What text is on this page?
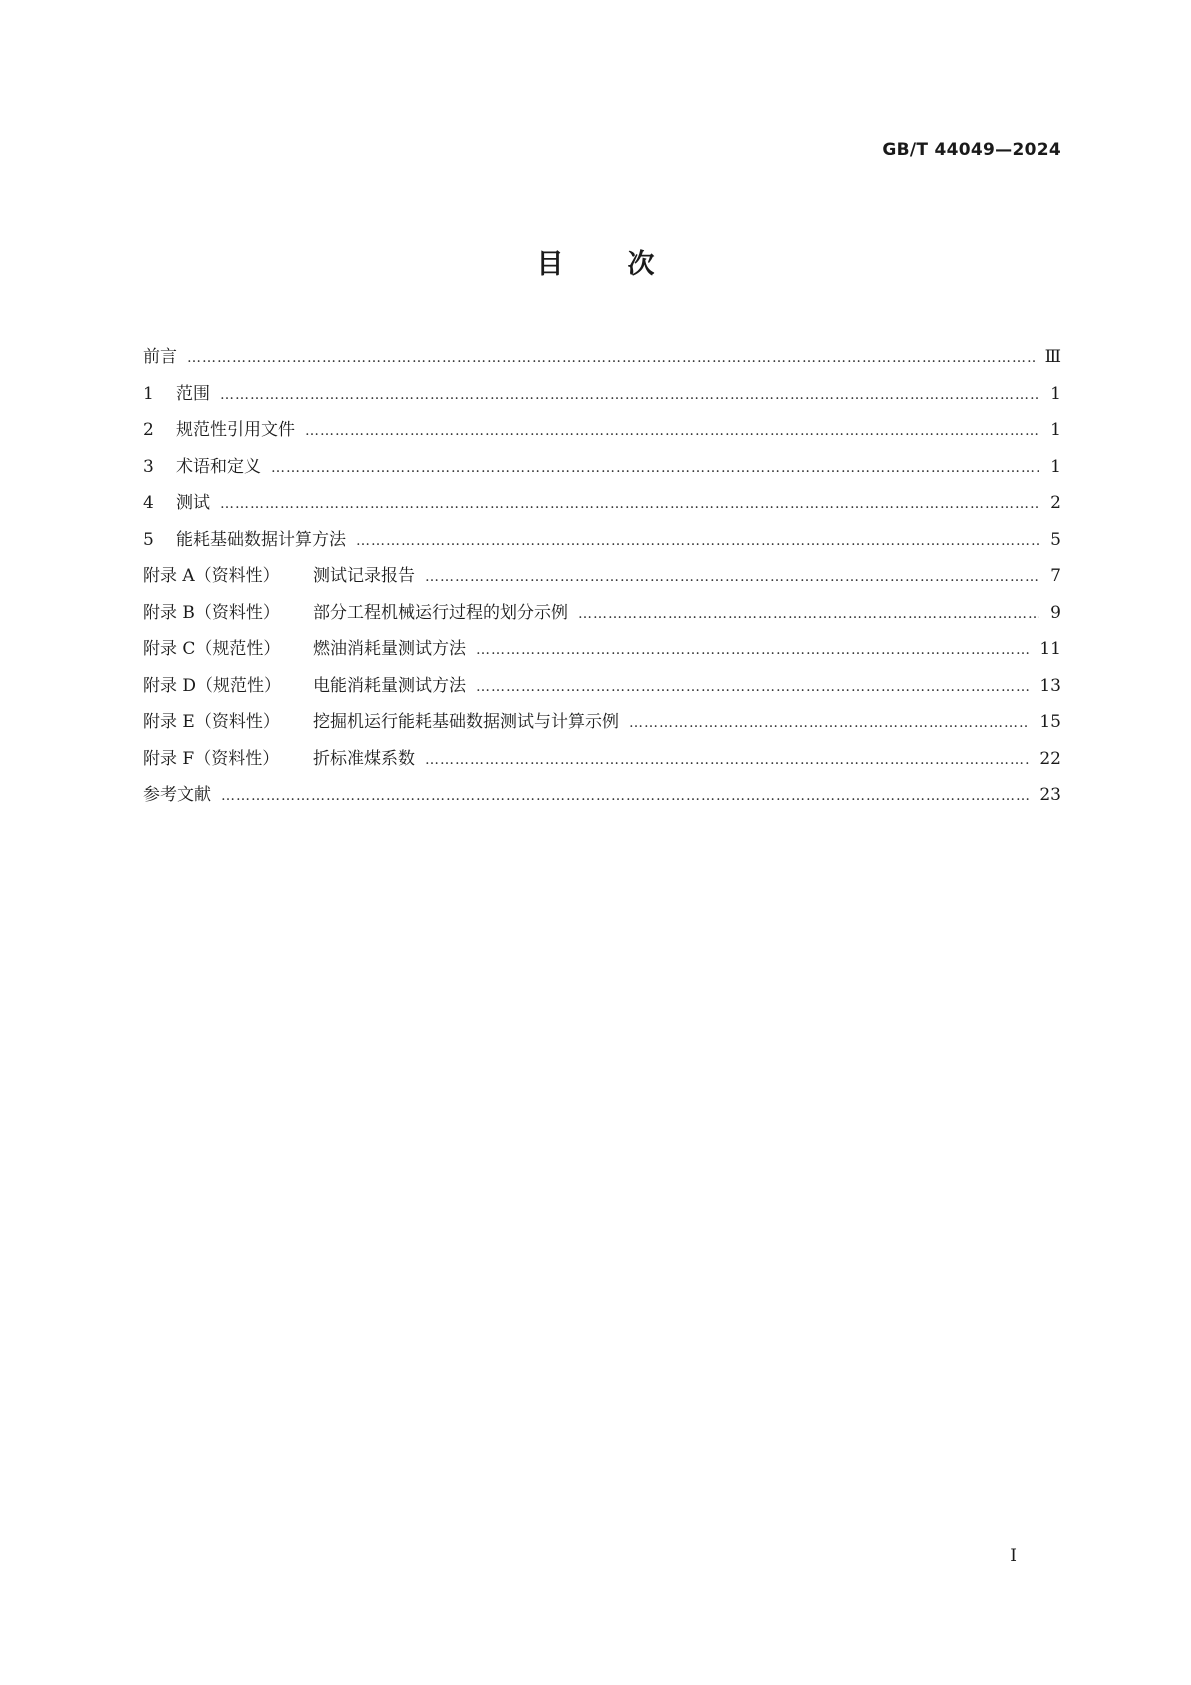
GB/T 44049—2024
目次
前言 ……………………………………………………………………………………………………………………………………………………………………………………………………………………	Ⅲ
1	范围 ……………………………………………………………………………………………………………………………………………………………………………………………………………………	1
2	规范性引用文件 ……………………………………………………………………………………………………………………………………………………………………………………………………………………	1
3	术语和定义 ……………………………………………………………………………………………………………………………………………………………………………………………………………………	1
4	测试 ……………………………………………………………………………………………………………………………………………………………………………………………………………………	2
5	能耗基础数据计算方法 ……………………………………………………………………………………………………………………………………………………………………………………………………………………	5
附录 A（资料性）	测试记录报告 ……………………………………………………………………………………………………………………………………………………………………………………………………………………	7
附录 B（资料性）	部分工程机械运行过程的划分示例 ……………………………………………………………………………………………………………………………………………………………………………………………………………………	9
附录 C（规范性）	燃油消耗量测试方法 ……………………………………………………………………………………………………………………………………………………………………………………………………………………	11
附录 D（规范性）	电能消耗量测试方法 ……………………………………………………………………………………………………………………………………………………………………………………………………………………	13
附录 E（资料性）	挖掘机运行能耗基础数据测试与计算示例 ……………………………………………………………………………………………………………………………………………………………………………………………………………………	15
附录 F（资料性）	折标准煤系数 ……………………………………………………………………………………………………………………………………………………………………………………………………………………	22
参考文献 ……………………………………………………………………………………………………………………………………………………………………………………………………………………	23
I
